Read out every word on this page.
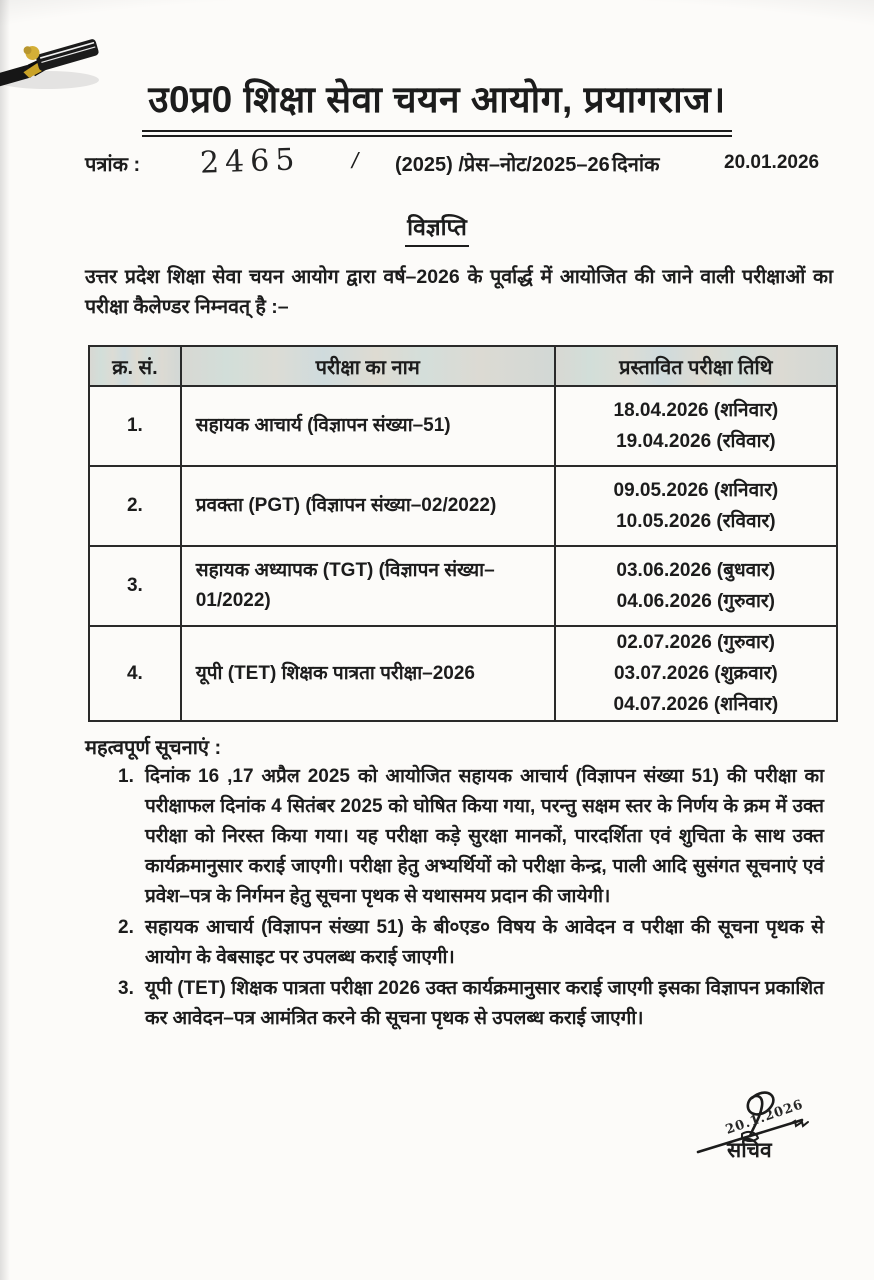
उ0प्र0 शिक्षा सेवा चयन आयोग, प्रयागराज।
पत्रांक : 2465 / (2025) /प्रेस–नोट/2025–26 दिनांक	20.01.2026
विज्ञप्ति

उत्तर प्रदेश शिक्षा सेवा चयन आयोग द्वारा वर्ष–2026 के पूर्वार्द्ध में आयोजित की जाने वाली परीक्षाओं का परीक्षा कैलेण्डर निम्नवत् है :–

क्र. सं.	परीक्षा का नाम	प्रस्तावित परीक्षा तिथि
1.	सहायक आचार्य (विज्ञापन संख्या–51)	18.04.2026 (शनिवार)
19.04.2026 (रविवार)

2.	प्रवक्ता (PGT) (विज्ञापन संख्या–02/2022)	09.05.2026 (शनिवार)
10.05.2026 (रविवार)

3.	सहायक अध्यापक (TGT) (विज्ञापन संख्या– 01/2022)	03.06.2026 (बुधवार)
04.06.2026 (गुरुवार)

4.	यूपी (TET) शिक्षक पात्रता परीक्षा–2026	02.07.2026 (गुरुवार)
03.07.2026 (शुक्रवार)
04.07.2026 (शनिवार)
महत्वपूर्ण सूचनाएं :
1. दिनांक 16 ,17 अप्रैल 2025 को आयोजित सहायक आचार्य (विज्ञापन संख्या 51) की परीक्षा का परीक्षाफल दिनांक 4 सितंबर 2025 को घोषित किया गया, परन्तु सक्षम स्तर के निर्णय के क्रम में उक्त परीक्षा को निरस्त किया गया। यह परीक्षा कड़े सुरक्षा मानकों, पारदर्शिता एवं शुचिता के साथ उक्त कार्यक्रमानुसार कराई जाएगी। परीक्षा हेतु अभ्यर्थियों को परीक्षा केन्द्र, पाली आदि सुसंगत सूचनाएं एवं प्रवेश–पत्र के निर्गमन हेतु सूचना पृथक से यथासमय प्रदान की जायेगी।
2. सहायक आचार्य (विज्ञापन संख्या 51) के बी०एड० विषय के आवेदन व परीक्षा की सूचना पृथक से आयोग के वेबसाइट पर उपलब्ध कराई जाएगी।
3. यूपी (TET) शिक्षक पात्रता परीक्षा 2026 उक्त कार्यक्रमानुसार कराई जाएगी इसका विज्ञापन प्रकाशित कर आवेदन–पत्र आमंत्रित करने की सूचना पृथक से उपलब्ध कराई जाएगी।
20.1.2026
सचिव
